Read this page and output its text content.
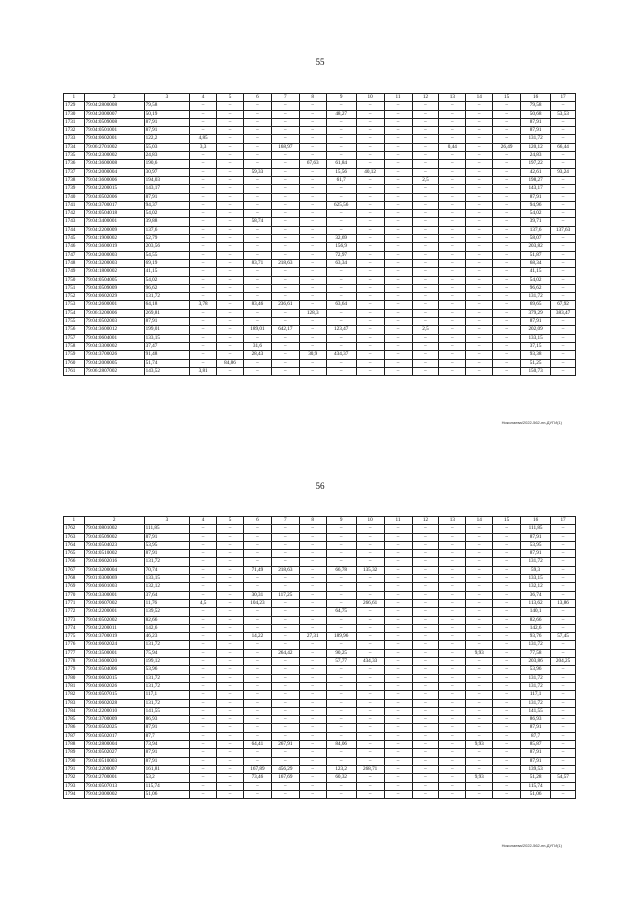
55
1	2	3	4	5	6	7	8	9	10	11	12	13	14	15	16	17
1729	79:04:2800008	79,58	–	–	–	–	–	–	–	–	–	–	–	–	79,58	–
1730	79:04:2000007	50,19	–	–	–	–	–	48,27	–	–	–	–	–	–	50,68	53,53
1731	79:04:0509008	87,91	–	–	–	–	–	–	–	–	–	–	–	–	87,91	–
1732	79:04:0501001	87,91	–	–	–	–	–	–	–	–	–	–	–	–	87,91	–
1733	79:04:0602001	122,2	4,85	–	–	–	–	–	–	–	–	–	–	–	131,72	–
1734	79:06:2701002	55,03	3,3	–	–	168,97	–	–	–	–	–	0,44	–	26,49	120,12	66,44
1735	79:04:2300002	24,83	–	–	–	–	–	–	–	–	–	–	–	–	24,83	–
1736	79:04:3600008	190,6	–	–	–	–	67,63	61,84	–	–	–	–	–	–	197,22	–
1737	79:04:2000004	30,97	–	–	59,33	–	–	15,56	40,12	–	–	–	–	–	42,61	93,24
1738	79:04:3600006	194,03	–	–	–	–	–	61,7	–	–	2,5	–	–	–	198,27	–
1739	79:04:2200015	143,17	–	–	–	–	–	–	–	–	–	–	–	–	143,17	–
1740	79:04:0502006	87,91	–	–	–	–	–	–	–	–	–	–	–	–	87,91	–
1741	79:04:3700017	94,37	–	–	–	–	–	625,56	–	–	–	–	–	–	94,96	–
1742	79:04:0504018	54,02	–	–	–	–	–	–	–	–	–	–	–	–	54,02	–
1743	79:04:3400001	39,88	–	–	58,74	–	–	–	–	–	–	–	–	–	39,71	–
1744	79:04:2200009	137,6	–	–	–	–	–	–	–	–	–	–	–	–	137,6	137,63
1745	79:04:1900002	52,79	–	–	–	–	–	32,69	–	–	–	–	–	–	58,07	–
1746	79:04:3600019	203,56	–	–	–	–	–	156,9	–	–	–	–	–	–	203,82	–
1747	79:04:2000003	54,55	–	–	–	–	–	72,97	–	–	–	–	–	–	51,87	–
1748	79:04:3200003	69,19	–	–	83,71	218,63	–	63,34	–	–	–	–	–	–	68,34	–
1749	79:04:1800002	41,15	–	–	–	–	–	–	–	–	–	–	–	–	41,15	–
1750	79:04:0504005	54,02	–	–	–	–	–	–	–	–	–	–	–	–	54,02	–
1751	79:04:0509009	96,62	–	–	–	–	–	–	–	–	–	–	–	–	96,62	–
1752	79:04:0602029	131,72	–	–	–	–	–	–	–	–	–	–	–	–	131,72	–
1753	79:04:2600001	64,18	3,78	–	83,46	236,61	–	63,64	–	–	–	–	–	–	69,65	67,92
1754	79:06:3200006	269,81	–	–	–	–	128,3	–	–	–	–	–	–	–	379,29	383,47
1755	79:04:0502003	87,91	–	–	–	–	–	–	–	–	–	–	–	–	87,91	–
1756	79:04:3600012	199,01	–	–	189,01	642,17	–	123,47	–	–	2,5	–	–	–	202,09	–
1757	79:04:0604001	133,15	–	–	–	–	–	–	–	–	–	–	–	–	133,15	–
1758	79:04:3300002	37,47	–	–	31,6	–	–	–	–	–	–	–	–	–	37,15	–
1759	79:04:3700026	91,48	–	–	28,43	–	30,9	434,37	–	–	–	–	–	–	93,38	–
1760	79:04:2000005	51,74	–	84,86	–	–	–	–	–	–	–	–	–	–	51,25	–
1761	79:06:2807002	143,52	3,81	–	–	–	–	–	–	–	–	–	–	–	150,73	–
Николаева/2022-562-пп-ДУГИ(1)
56
1	2	3	4	5	6	7	8	9	10	11	12	13	14	15	16	17
1762	79:04:0801002	111,85	–	–	–	–	–	–	–	–	–	–	–	–	111,85	–
1763	79:04:0509002	87,91	–	–	–	–	–	–	–	–	–	–	–	–	87,91	–
1764	79:04:0504023	53,95	–	–	–	–	–	–	–	–	–	–	–	–	53,95	–
1765	79:04:0510002	87,91	–	–	–	–	–	–	–	–	–	–	–	–	87,91	–
1766	79:04:0602016	131,72	–	–	–	–	–	–	–	–	–	–	–	–	131,72	–
1767	79:04:3200004	70,74	–	–	71,49	218,63	–	66,78	135,32	–	–	–	–	–	59,3	–
1768	79:01:0300069	133,15	–	–	–	–	–	–	–	–	–	–	–	–	133,15	–
1769	79:04:0601003	132,12	–	–	–	–	–	–	–	–	–	–	–	–	132,12	–
1770	79:04:3300001	37,64	–	–	30,31	117,25	–	–	–	–	–	–	–	–	36,74	–
1771	79:04:0607002	11,76	4,5	–	104,23	–	–	–	266,61	–	–	–	–	–	113,62	13,86
1772	79:04:2200001	139,52	–	–	–	–	–	64,75	–	–	–	–	–	–	140,1	–
1773	79:04:0502002	82,66	–	–	–	–	–	–	–	–	–	–	–	–	82,66	–
1774	79:04:2200011	142,6	–	–	–	–	–	–	–	–	–	–	–	–	142,6	–
1775	79:04:3700019	46,23	–	–	14,22	–	27,31	189,96	–	–	–	–	–	–	93,76	57,45
1776	79:04:0602024	131,72	–	–	–	–	–	–	–	–	–	–	–	–	131,72	–
1777	79:04:3500001	75,94	–	–	–	264,42	–	90,25	–	–	–	–	9,93	–	77,58	–
1778	79:04:3600020	199,12	–	–	–	–	–	57,77	434,33	–	–	–	–	–	203,86	204,25
1779	79:04:0504006	53,96	–	–	–	–	–	–	–	–	–	–	–	–	53,96	–
1780	79:04:0602015	131,72	–	–	–	–	–	–	–	–	–	–	–	–	131,72	–
1781	79:04:0602026	131,72	–	–	–	–	–	–	–	–	–	–	–	–	131,72	–
1782	79:04:0507015	117,1	–	–	–	–	–	–	–	–	–	–	–	–	117,1	–
1783	79:04:0602028	131,72	–	–	–	–	–	–	–	–	–	–	–	–	131,72	–
1784	79:04:2200010	141,55	–	–	–	–	–	–	–	–	–	–	–	–	141,55	–
1785	79:04:3700009	86,93	–	–	–	–	–	–	–	–	–	–	–	–	86,93	–
1786	79:04:0502025	87,91	–	–	–	–	–	–	–	–	–	–	–	–	87,91	–
1787	79:04:0502017	87,7	–	–	–	–	–	–	–	–	–	–	–	–	87,7	–
1788	79:04:2800004	73,94	–	–	64,41	267,91	–	84,06	–	–	–	–	9,93	–	85,87	–
1789	79:04:0502027	87,91	–	–	–	–	–	–	–	–	–	–	–	–	87,91	–
1790	79:04:0510003	87,91	–	–	–	–	–	–	–	–	–	–	–	–	87,91	–
1791	79:04:2200007	161,81	–	–	167,89	456,29	–	123,2	268,71	–	–	–	–	–	139,53	–
1792	79:04:2700001	53,2	–	–	73,46	167,69	–	60,32	–	–	–	–	9,93	–	51,28	54,57
1793	79:04:0507013	115,74	–	–	–	–	–	–	–	–	–	–	–	–	115,74	–
1794	79:04:2000002	51,06	–	–	–	–	–	–	–	–	–	–	–	–	51,06	–
Николаева/2022-562-пп-ДУГИ(1)
